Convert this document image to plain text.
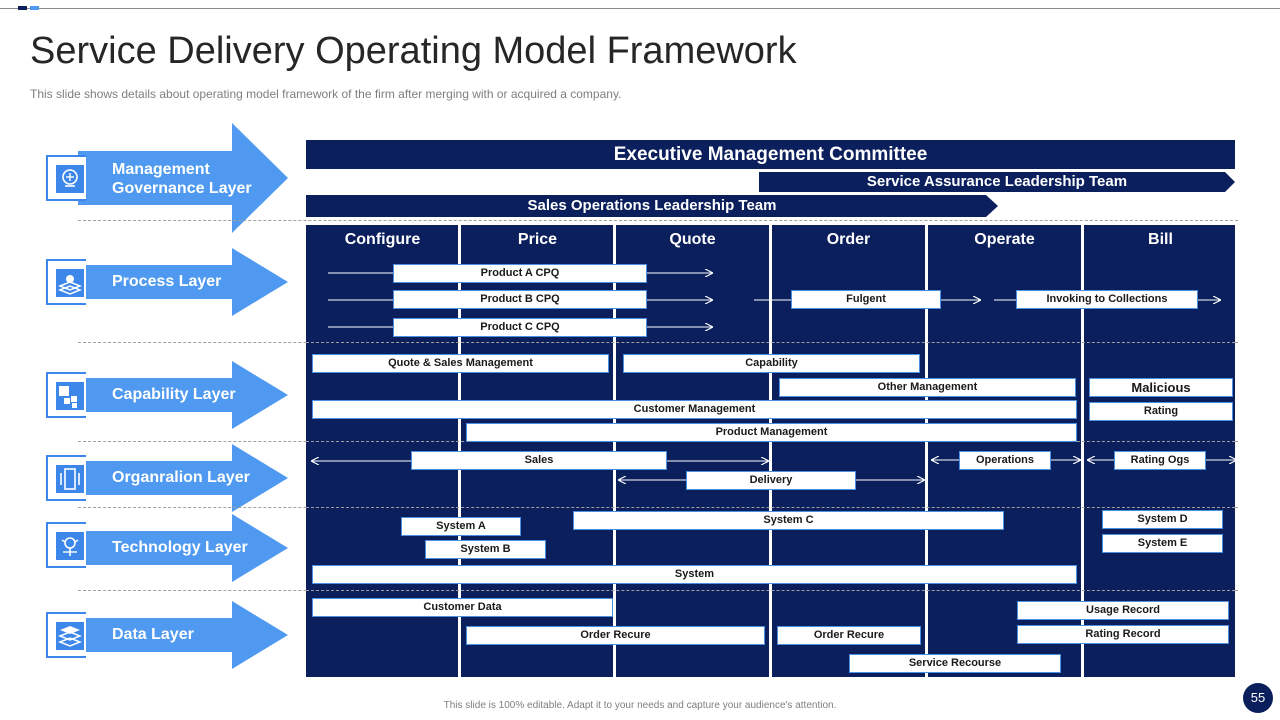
Service Delivery Operating Model Framework
This slide shows details about operating model framework of the firm after merging with or acquired a company.
Management
Governance Layer
Process Layer
Capability Layer
Organralion Layer
Technology Layer
Data Layer
Executive Management Committee
Service Assurance Leadership Team
Sales Operations Leadership Team
Configure	Price	Quote	Order	Operate	Bill
Product A CPQ
Product B CPQ
Product C CPQ
Fulgent	Invoking to Collections
Quote & Sales Management	Capability
Other Management	Malicious
Customer Management	Rating
Product Management
Sales
Delivery
Operations	Rating Ogs
System A
System B
System C	System D
System E
System
Customer Data
Order Recure	Order Recure
Usage Record
Rating Record
Service Recourse
This slide is 100% editable. Adapt it to your needs and capture your audience's attention.
55
